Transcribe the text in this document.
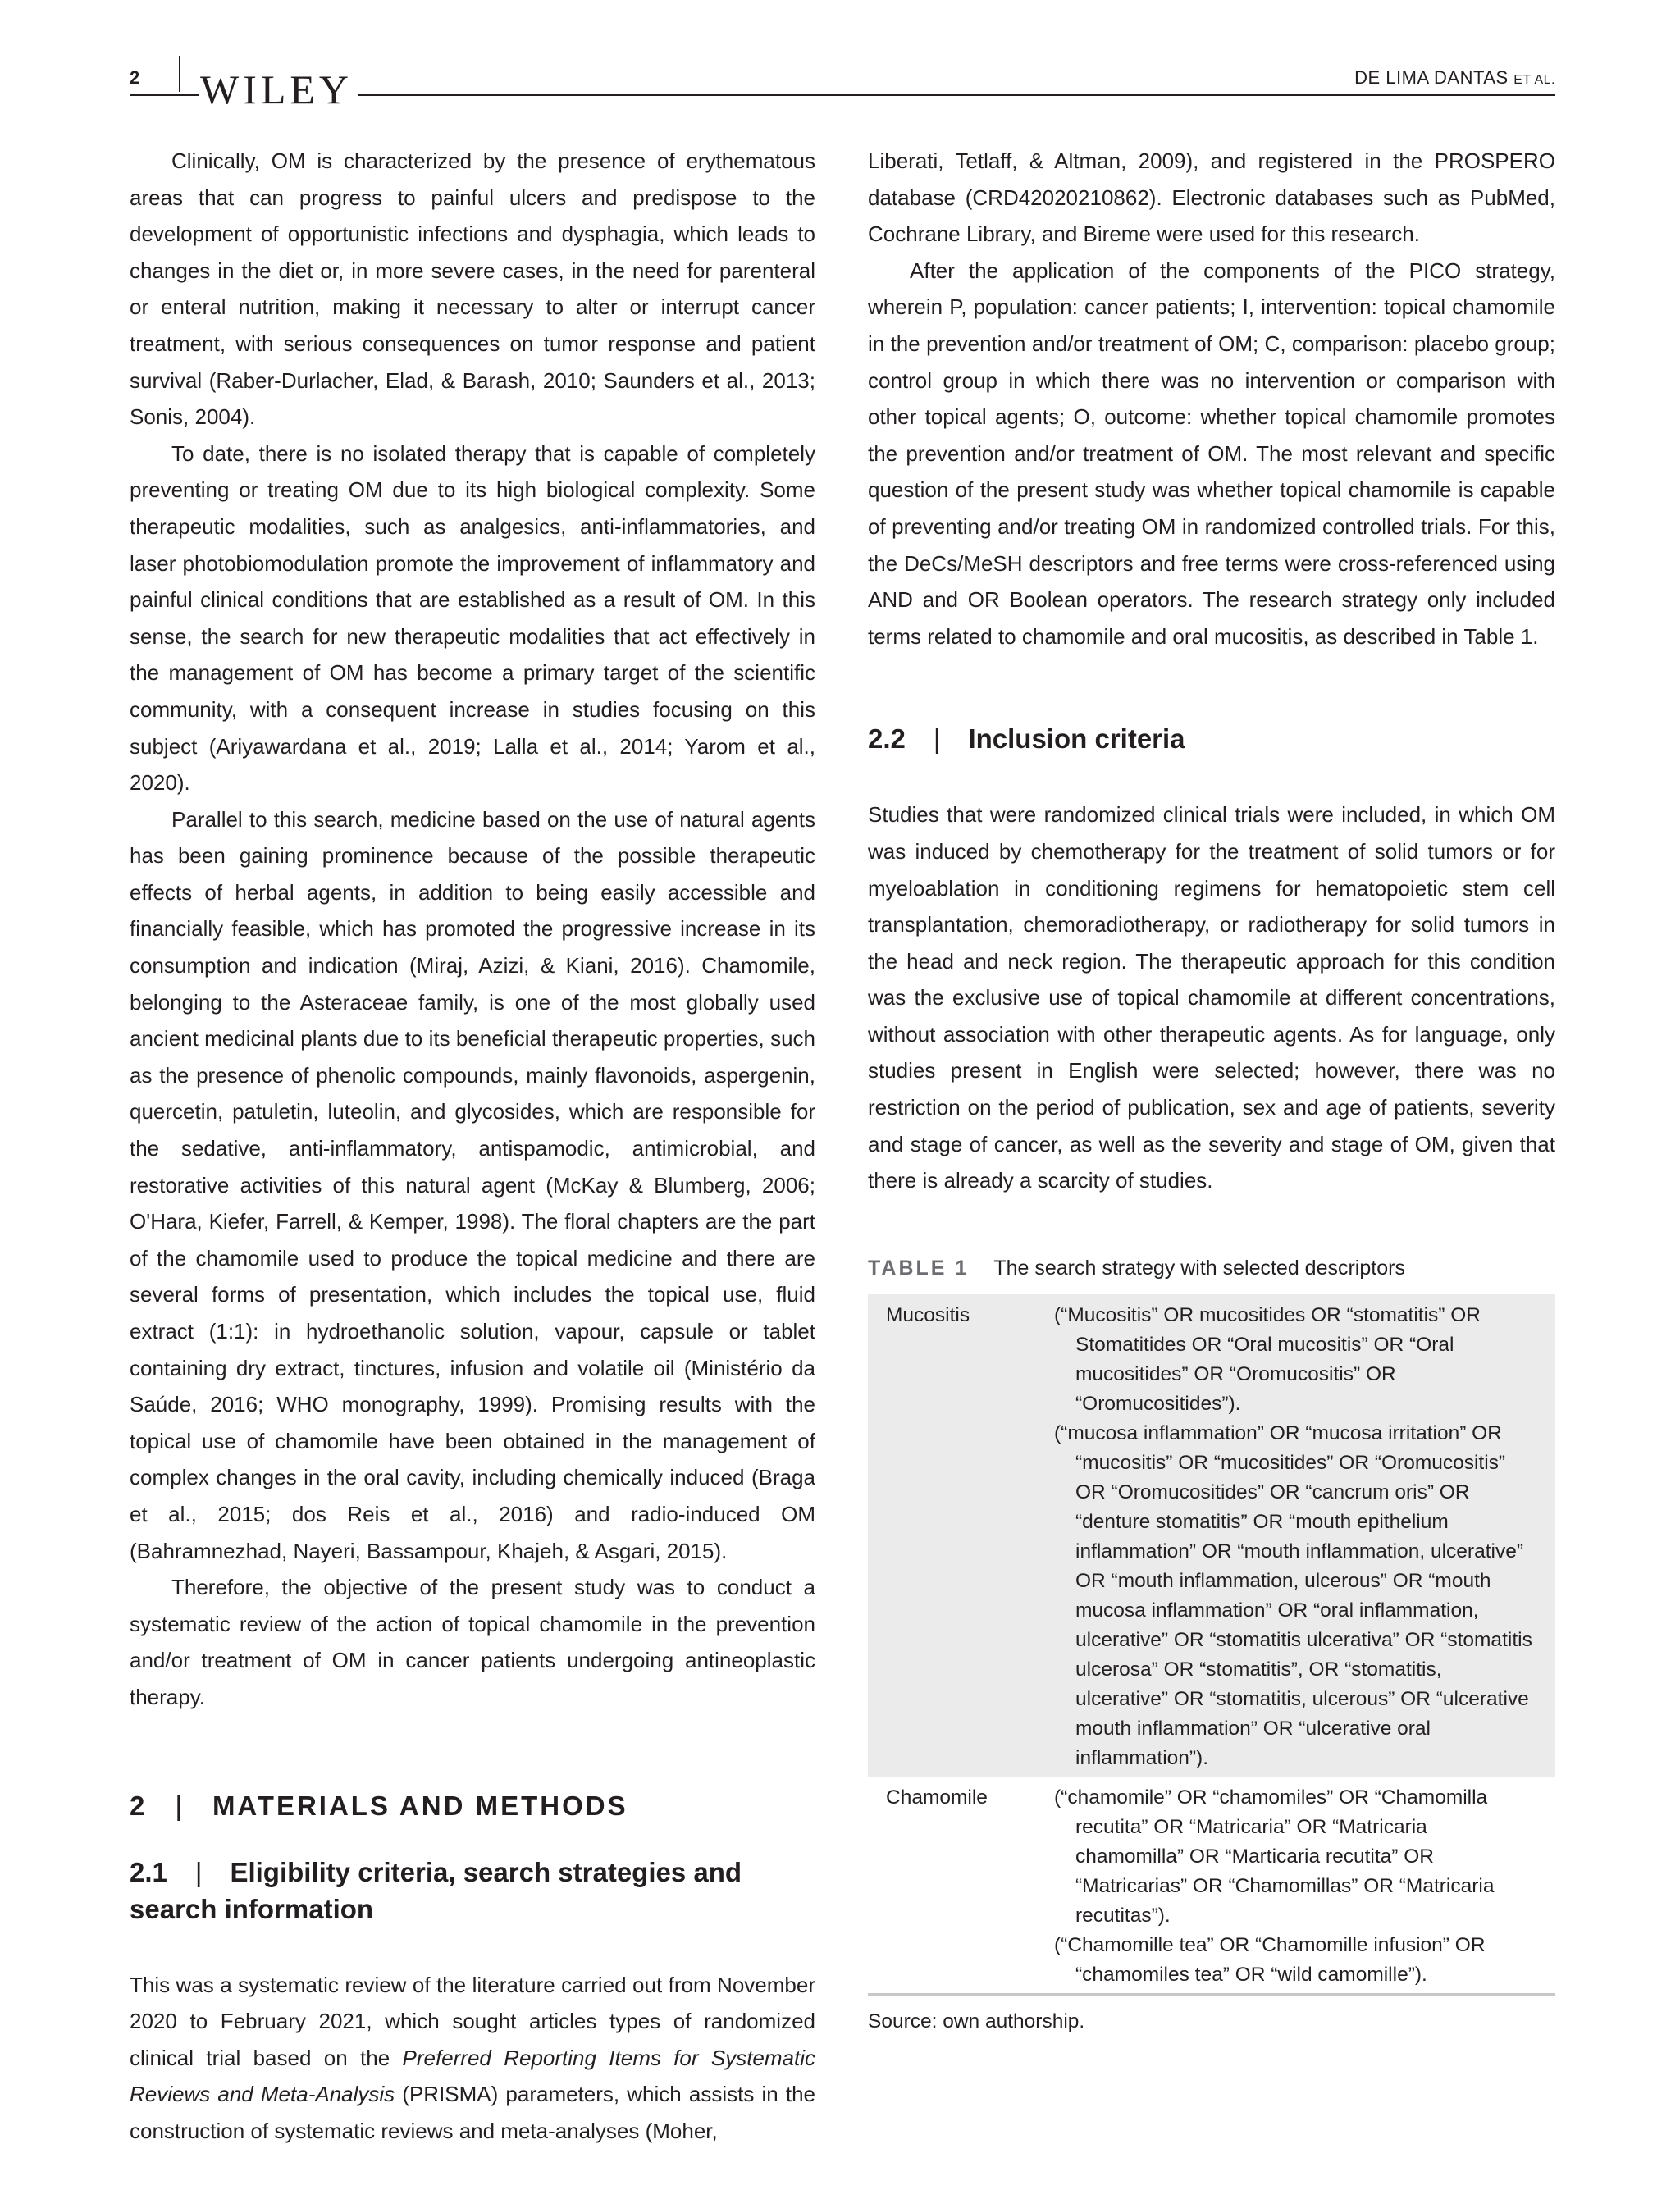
2 WILEY	DE LIMA DANTAS ET AL.

Clinically, OM is characterized by the presence of erythematous areas that can progress to painful ulcers and predispose to the development of opportunistic infections and dysphagia, which leads to changes in the diet or, in more severe cases, in the need for parenteral or enteral nutrition, making it necessary to alter or interrupt cancer treatment, with serious consequences on tumor response and patient survival (Raber-Durlacher, Elad, & Barash, 2010; Saunders et al., 2013; Sonis, 2004).

To date, there is no isolated therapy that is capable of completely preventing or treating OM due to its high biological complexity. Some therapeutic modalities, such as analgesics, anti-inflammatories, and laser photobiomodulation promote the improvement of inflammatory and painful clinical conditions that are established as a result of OM. In this sense, the search for new therapeutic modalities that act effectively in the management of OM has become a primary target of the scientific community, with a consequent increase in studies focusing on this subject (Ariyawardana et al., 2019; Lalla et al., 2014; Yarom et al., 2020).

Parallel to this search, medicine based on the use of natural agents has been gaining prominence because of the possible therapeutic effects of herbal agents, in addition to being easily accessible and financially feasible, which has promoted the progressive increase in its consumption and indication (Miraj, Azizi, & Kiani, 2016). Chamomile, belonging to the Asteraceae family, is one of the most globally used ancient medicinal plants due to its beneficial therapeutic properties, such as the presence of phenolic compounds, mainly flavonoids, aspergenin, quercetin, patuletin, luteolin, and glycosides, which are responsible for the sedative, anti-inflammatory, antispamodic, antimicrobial, and restorative activities of this natural agent (McKay & Blumberg, 2006; O'Hara, Kiefer, Farrell, & Kemper, 1998). The floral chapters are the part of the chamomile used to produce the topical medicine and there are several forms of presentation, which includes the topical use, fluid extract (1:1): in hydroethanolic solution, vapour, capsule or tablet containing dry extract, tinctures, infusion and volatile oil (Ministério da Saúde, 2016; WHO monography, 1999). Promising results with the topical use of chamomile have been obtained in the management of complex changes in the oral cavity, including chemically induced (Braga et al., 2015; dos Reis et al., 2016) and radio-induced OM (Bahramnezhad, Nayeri, Bassampour, Khajeh, & Asgari, 2015).

Therefore, the objective of the present study was to conduct a systematic review of the action of topical chamomile in the prevention and/or treatment of OM in cancer patients undergoing antineoplastic therapy.

2 | MATERIALS AND METHODS
2.1 | Eligibility criteria, search strategies and search information

This was a systematic review of the literature carried out from November 2020 to February 2021, which sought articles types of randomized clinical trial based on the Preferred Reporting Items for Systematic Reviews and Meta-Analysis (PRISMA) parameters, which assists in the construction of systematic reviews and meta-analyses (Moher,

Liberati, Tetlaff, & Altman, 2009), and registered in the PROSPERO database (CRD42020210862). Electronic databases such as PubMed, Cochrane Library, and Bireme were used for this research.

After the application of the components of the PICO strategy, wherein P, population: cancer patients; I, intervention: topical chamomile in the prevention and/or treatment of OM; C, comparison: placebo group; control group in which there was no intervention or comparison with other topical agents; O, outcome: whether topical chamomile promotes the prevention and/or treatment of OM. The most relevant and specific question of the present study was whether topical chamomile is capable of preventing and/or treating OM in randomized controlled trials. For this, the DeCs/MeSH descriptors and free terms were cross-referenced using AND and OR Boolean operators. The research strategy only included terms related to chamomile and oral mucositis, as described in Table 1.

2.2 | Inclusion criteria

Studies that were randomized clinical trials were included, in which OM was induced by chemotherapy for the treatment of solid tumors or for myeloablation in conditioning regimens for hematopoietic stem cell transplantation, chemoradiotherapy, or radiotherapy for solid tumors in the head and neck region. The therapeutic approach for this condition was the exclusive use of topical chamomile at different concentrations, without association with other therapeutic agents. As for language, only studies present in English were selected; however, there was no restriction on the period of publication, sex and age of patients, severity and stage of cancer, as well as the severity and stage of OM, given that there is already a scarcity of studies.

TABLE 1 The search strategy with selected descriptors
Mucositis	(“Mucositis” OR mucositides OR “stomatitis” OR Stomatitides OR “Oral mucositis” OR “Oral mucositides” OR “Oromucositis” OR “Oromucositides”).
(“mucosa inflammation” OR “mucosa irritation” OR “mucositis” OR “mucositides” OR “Oromucositis” OR “Oromucositides” OR “cancrum oris” OR “denture stomatitis” OR “mouth epithelium inflammation” OR “mouth inflammation, ulcerative” OR “mouth inflammation, ulcerous” OR “mouth mucosa inflammation” OR “oral inflammation, ulcerative” OR “stomatitis ulcerativa” OR “stomatitis ulcerosa” OR “stomatitis”, OR “stomatitis, ulcerative” OR “stomatitis, ulcerous” OR “ulcerative mouth inflammation” OR “ulcerative oral inflammation”).
Chamomile	(“chamomile” OR “chamomiles” OR “Chamomilla recutita” OR “Matricaria” OR “Matricaria chamomilla” OR “Marticaria recutita” OR “Matricarias” OR “Chamomillas” OR “Matricaria recutitas”).
(“Chamomille tea” OR “Chamomille infusion” OR “chamomiles tea” OR “wild camomille”).
Source: own authorship.
